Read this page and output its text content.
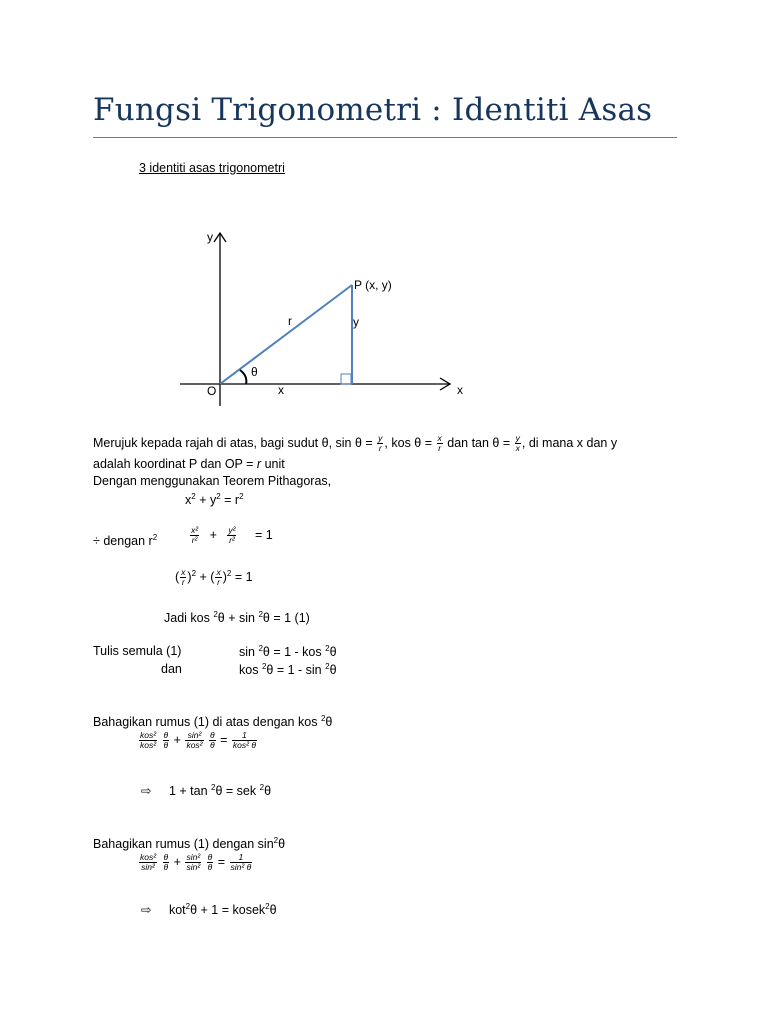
Fungsi Trigonometri : Identiti Asas
3 identiti asas trigonometri
y
x
O
P (x, y)
r	y
x
θ
Merujuk kepada rajah di atas, bagi sudut θ, $\sin \theta = \frac{y}{r}$ , kos $\theta = \frac{x}{r}$ dan $\tan \theta = \frac{y}{x}$ , di mana x dan y
adalah koordinat P dan OP = r unit
Dengan menggunakan Teorem Pithagoras,
$x^2 + y^2 = r^2$
÷ dengan $r^2$	$\frac{\text{x²}}{\text{r²}} + \frac{\text{y²}}{\text{r²}} = 1$
( $\frac{x}{r} )^2$ + ( $\frac{x}{r} )^2 = 1$
Jadi kos $^2$θ + sin $^2$θ = 1 (1)
Tulis semula (1)
dan
sin $^2$θ = 1 - kos $^2$θ
kos $^2$θ = 1 - sin $^2$θ
Bahagikan rumus (1) di atas dengan kos $^2$θ
kos²
kos²
$\frac{\theta}{\theta} + \sin^2$
kos²
$\frac{\theta}{\theta}$ =	1
kos² θ
⇨ 1 + tan $^2$θ = sek $^2$θ
Bahagikan rumus (1) dengan $\sin^2\theta$
kos²
sin²
$\frac{\theta}{\theta} + \frac{\text{sin²}}{\text{sin²}}$
$\frac{\theta}{\theta} = \frac{1}{\text{sin² θ}}$
⇨ kot$^2$θ + 1 = kosek$^2$θ
